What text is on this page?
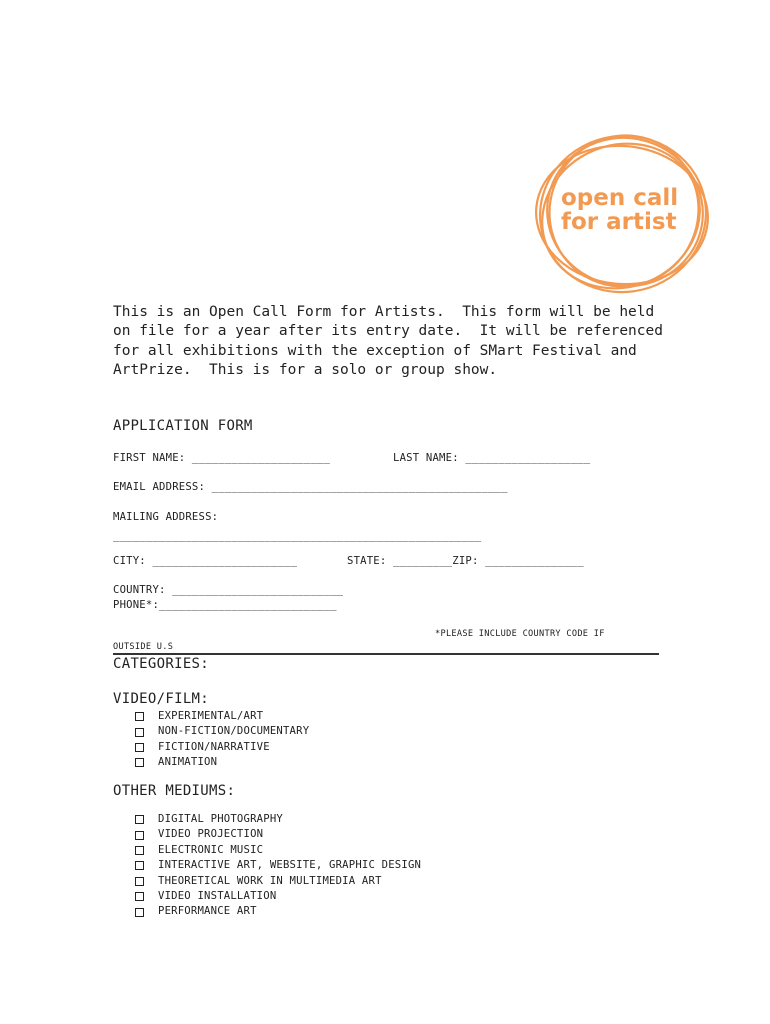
open call
for artist
This is an Open Call Form for Artists.  This form will be held on file for a year after its entry date.  It will be referenced for all exhibitions with the exception of SMart Festival and ArtPrize.  This is for a solo or group show.
APPLICATION FORM
FIRST NAME: _____________________	LAST NAME: ___________________
EMAIL ADDRESS: _____________________________________________
MAILING ADDRESS:
________________________________________________________
CITY: ______________________	STATE: _________ZIP: _______________
COUNTRY: __________________________
PHONE*:___________________________
*PLEASE INCLUDE COUNTRY CODE IF
OUTSIDE U.S
CATEGORIES:
VIDEO/FILM:
EXPERIMENTAL/ART
NON-FICTION/DOCUMENTARY
FICTION/NARRATIVE
ANIMATION
OTHER MEDIUMS:
DIGITAL PHOTOGRAPHY
VIDEO PROJECTION
ELECTRONIC MUSIC
INTERACTIVE ART, WEBSITE, GRAPHIC DESIGN
THEORETICAL WORK IN MULTIMEDIA ART
VIDEO INSTALLATION
PERFORMANCE ART
